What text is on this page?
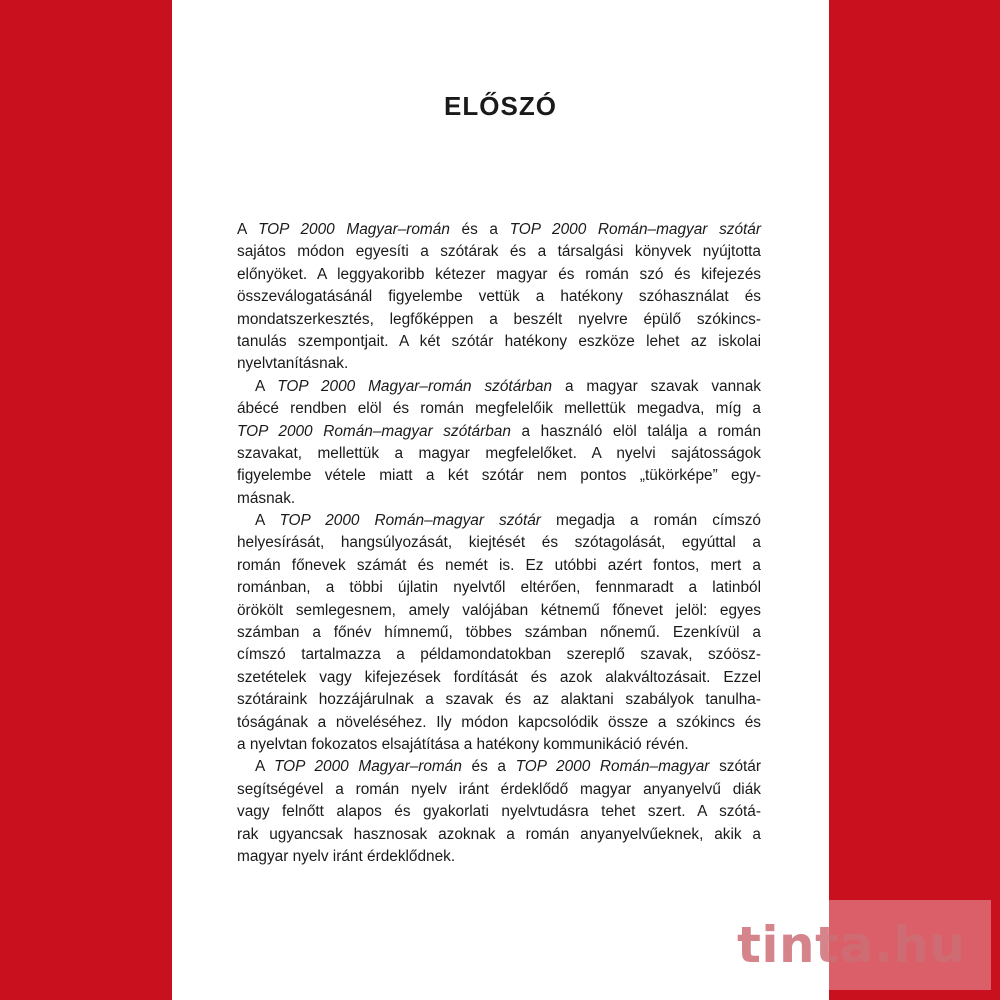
ELŐSZÓ

A TOP 2000 Magyar–román és a TOP 2000 Román–magyar szótár
sajátos módon egyesíti a szótárak és a társalgási könyvek nyújtotta
előnyöket. A leggyakoribb kétezer magyar és román szó és kifejezés
összeválogatásánál figyelembe vettük a hatékony szóhasználat és
mondatszerkesztés, legfőképpen a beszélt nyelvre épülő szókincs-
tanulás szempontjait. A két szótár hatékony eszköze lehet az iskolai
nyelvtanításnak.

A TOP 2000 Magyar–román szótárban a magyar szavak vannak
ábécé rendben elöl és román megfelelőik mellettük megadva, míg a
TOP 2000 Román–magyar szótárban a használó elöl találja a román
szavakat, mellettük a magyar megfelelőket. A nyelvi sajátosságok
figyelembe vétele miatt a két szótár nem pontos „tükörképe” egy-
másnak.

A TOP 2000 Román–magyar szótár megadja a román címszó
helyesírását, hangsúlyozását, kiejtését és szótagolását, egyúttal a
román főnevek számát és nemét is. Ez utóbbi azért fontos, mert a
románban, a többi újlatin nyelvtől eltérően, fennmaradt a latinból
örökölt semlegesnem, amely valójában kétnemű főnevet jelöl: egyes
számban a főnév hímnemű, többes számban nőnemű. Ezenkívül a
címszó tartalmazza a példamondatokban szereplő szavak, szóösz-
szetételek vagy kifejezések fordítását és azok alakváltozásait. Ezzel
szótáraink hozzájárulnak a szavak és az alaktani szabályok tanulha-
tóságának a növeléséhez. Ily módon kapcsolódik össze a szókincs és
a nyelvtan fokozatos elsajátítása a hatékony kommunikáció révén.

A TOP 2000 Magyar–román és a TOP 2000 Román–magyar szótár
segítségével a román nyelv iránt érdeklődő magyar anyanyelvű diák
vagy felnőtt alapos és gyakorlati nyelvtudásra tehet szert. A szótá-
rak ugyancsak hasznosak azoknak a román anyanyelvűeknek, akik a
magyar nyelv iránt érdeklődnek.

tinta.hu
